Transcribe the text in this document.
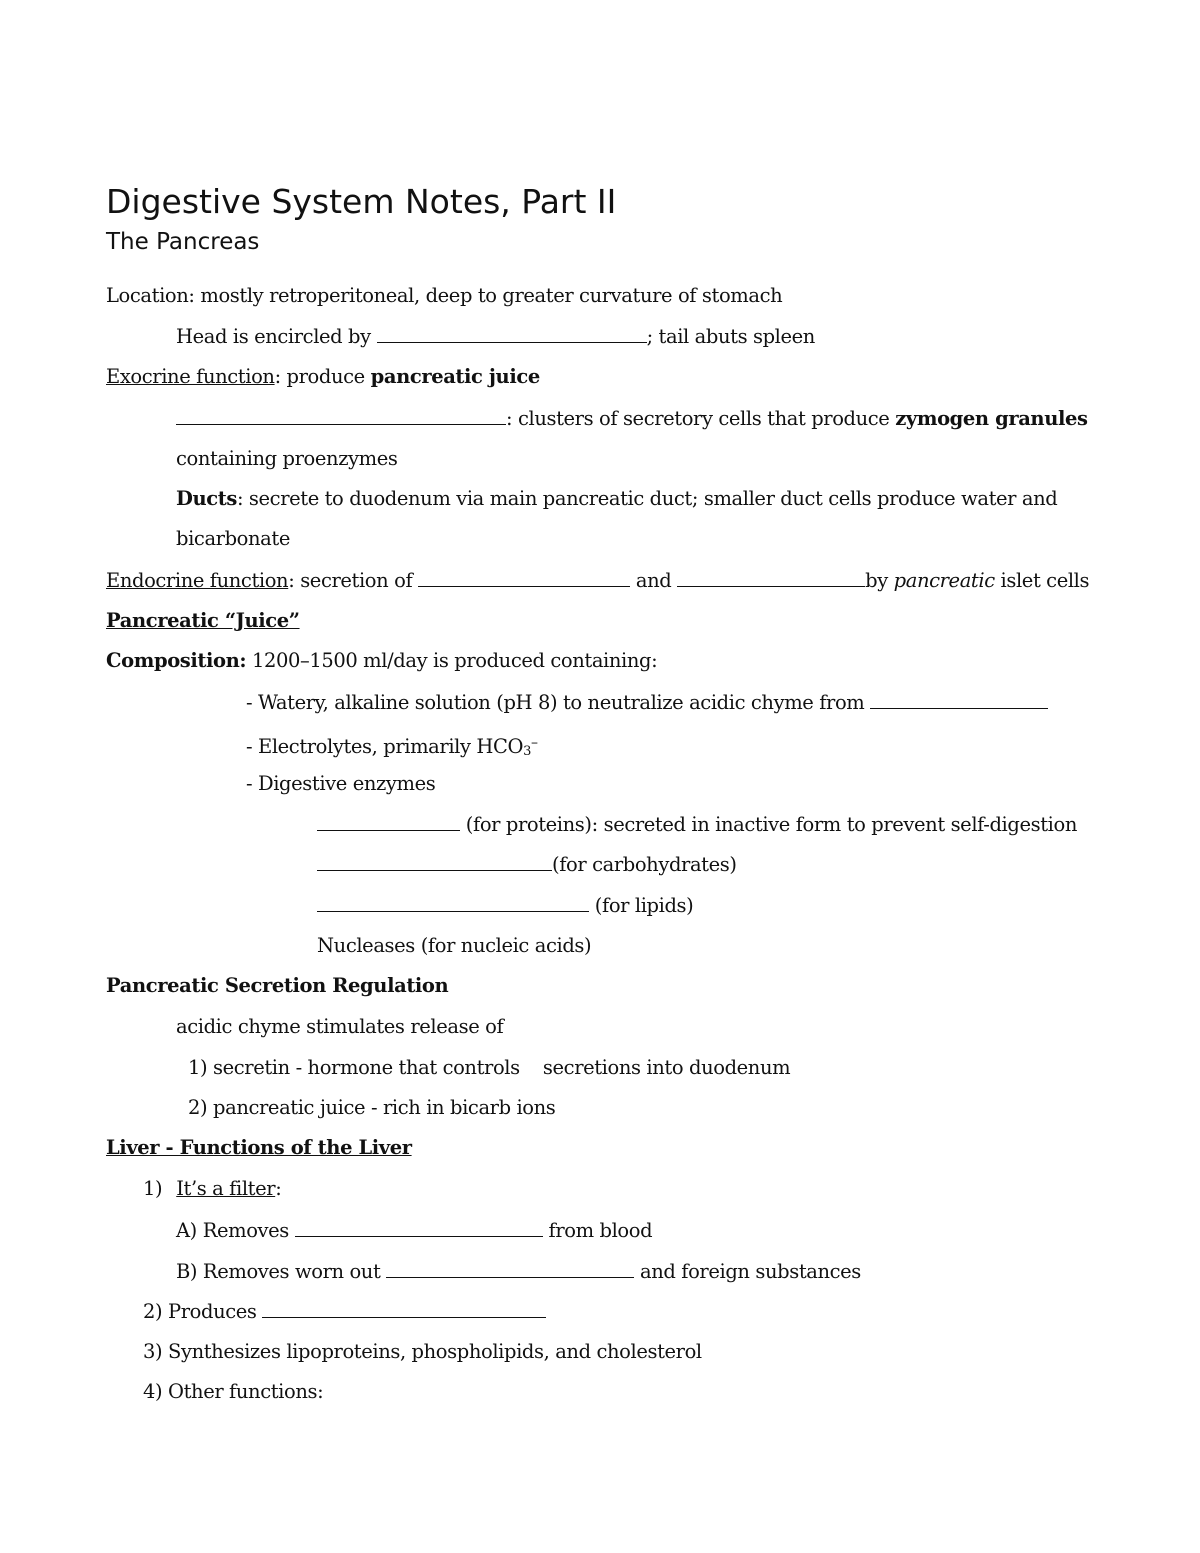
Digestive System Notes, Part II
The Pancreas
Location: mostly retroperitoneal, deep to greater curvature of stomach
Head is encircled by	; tail abuts spleen
Exocrine function: produce pancreatic juice
: clusters of secretory cells that produce zymogen granules
containing proenzymes
Ducts: secrete to duodenum via main pancreatic duct; smaller duct cells produce water and
bicarbonate
Endocrine function: secretion of	and	by pancreatic islet cells
Pancreatic “Juice”
Composition: 1200–1500 ml/day is produced containing:
- Watery, alkaline solution (pH 8) to neutralize acidic chyme from
- Electrolytes, primarily $HCO_3^-$
- Digestive enzymes
(for proteins): secreted in inactive form to prevent self-digestion
(for carbohydrates)
(for lipids)
Nucleases (for nucleic acids)
Pancreatic Secretion Regulation
acidic chyme stimulates release of
1) secretin - hormone that controls    secretions into duodenum
2) pancreatic juice - rich in bicarb ions
Liver - Functions of the Liver
1) It’s a filter:
A) Removes	from blood
B) Removes worn out	and foreign substances
2) Produces
3) Synthesizes lipoproteins, phospholipids, and cholesterol
4) Other functions:
